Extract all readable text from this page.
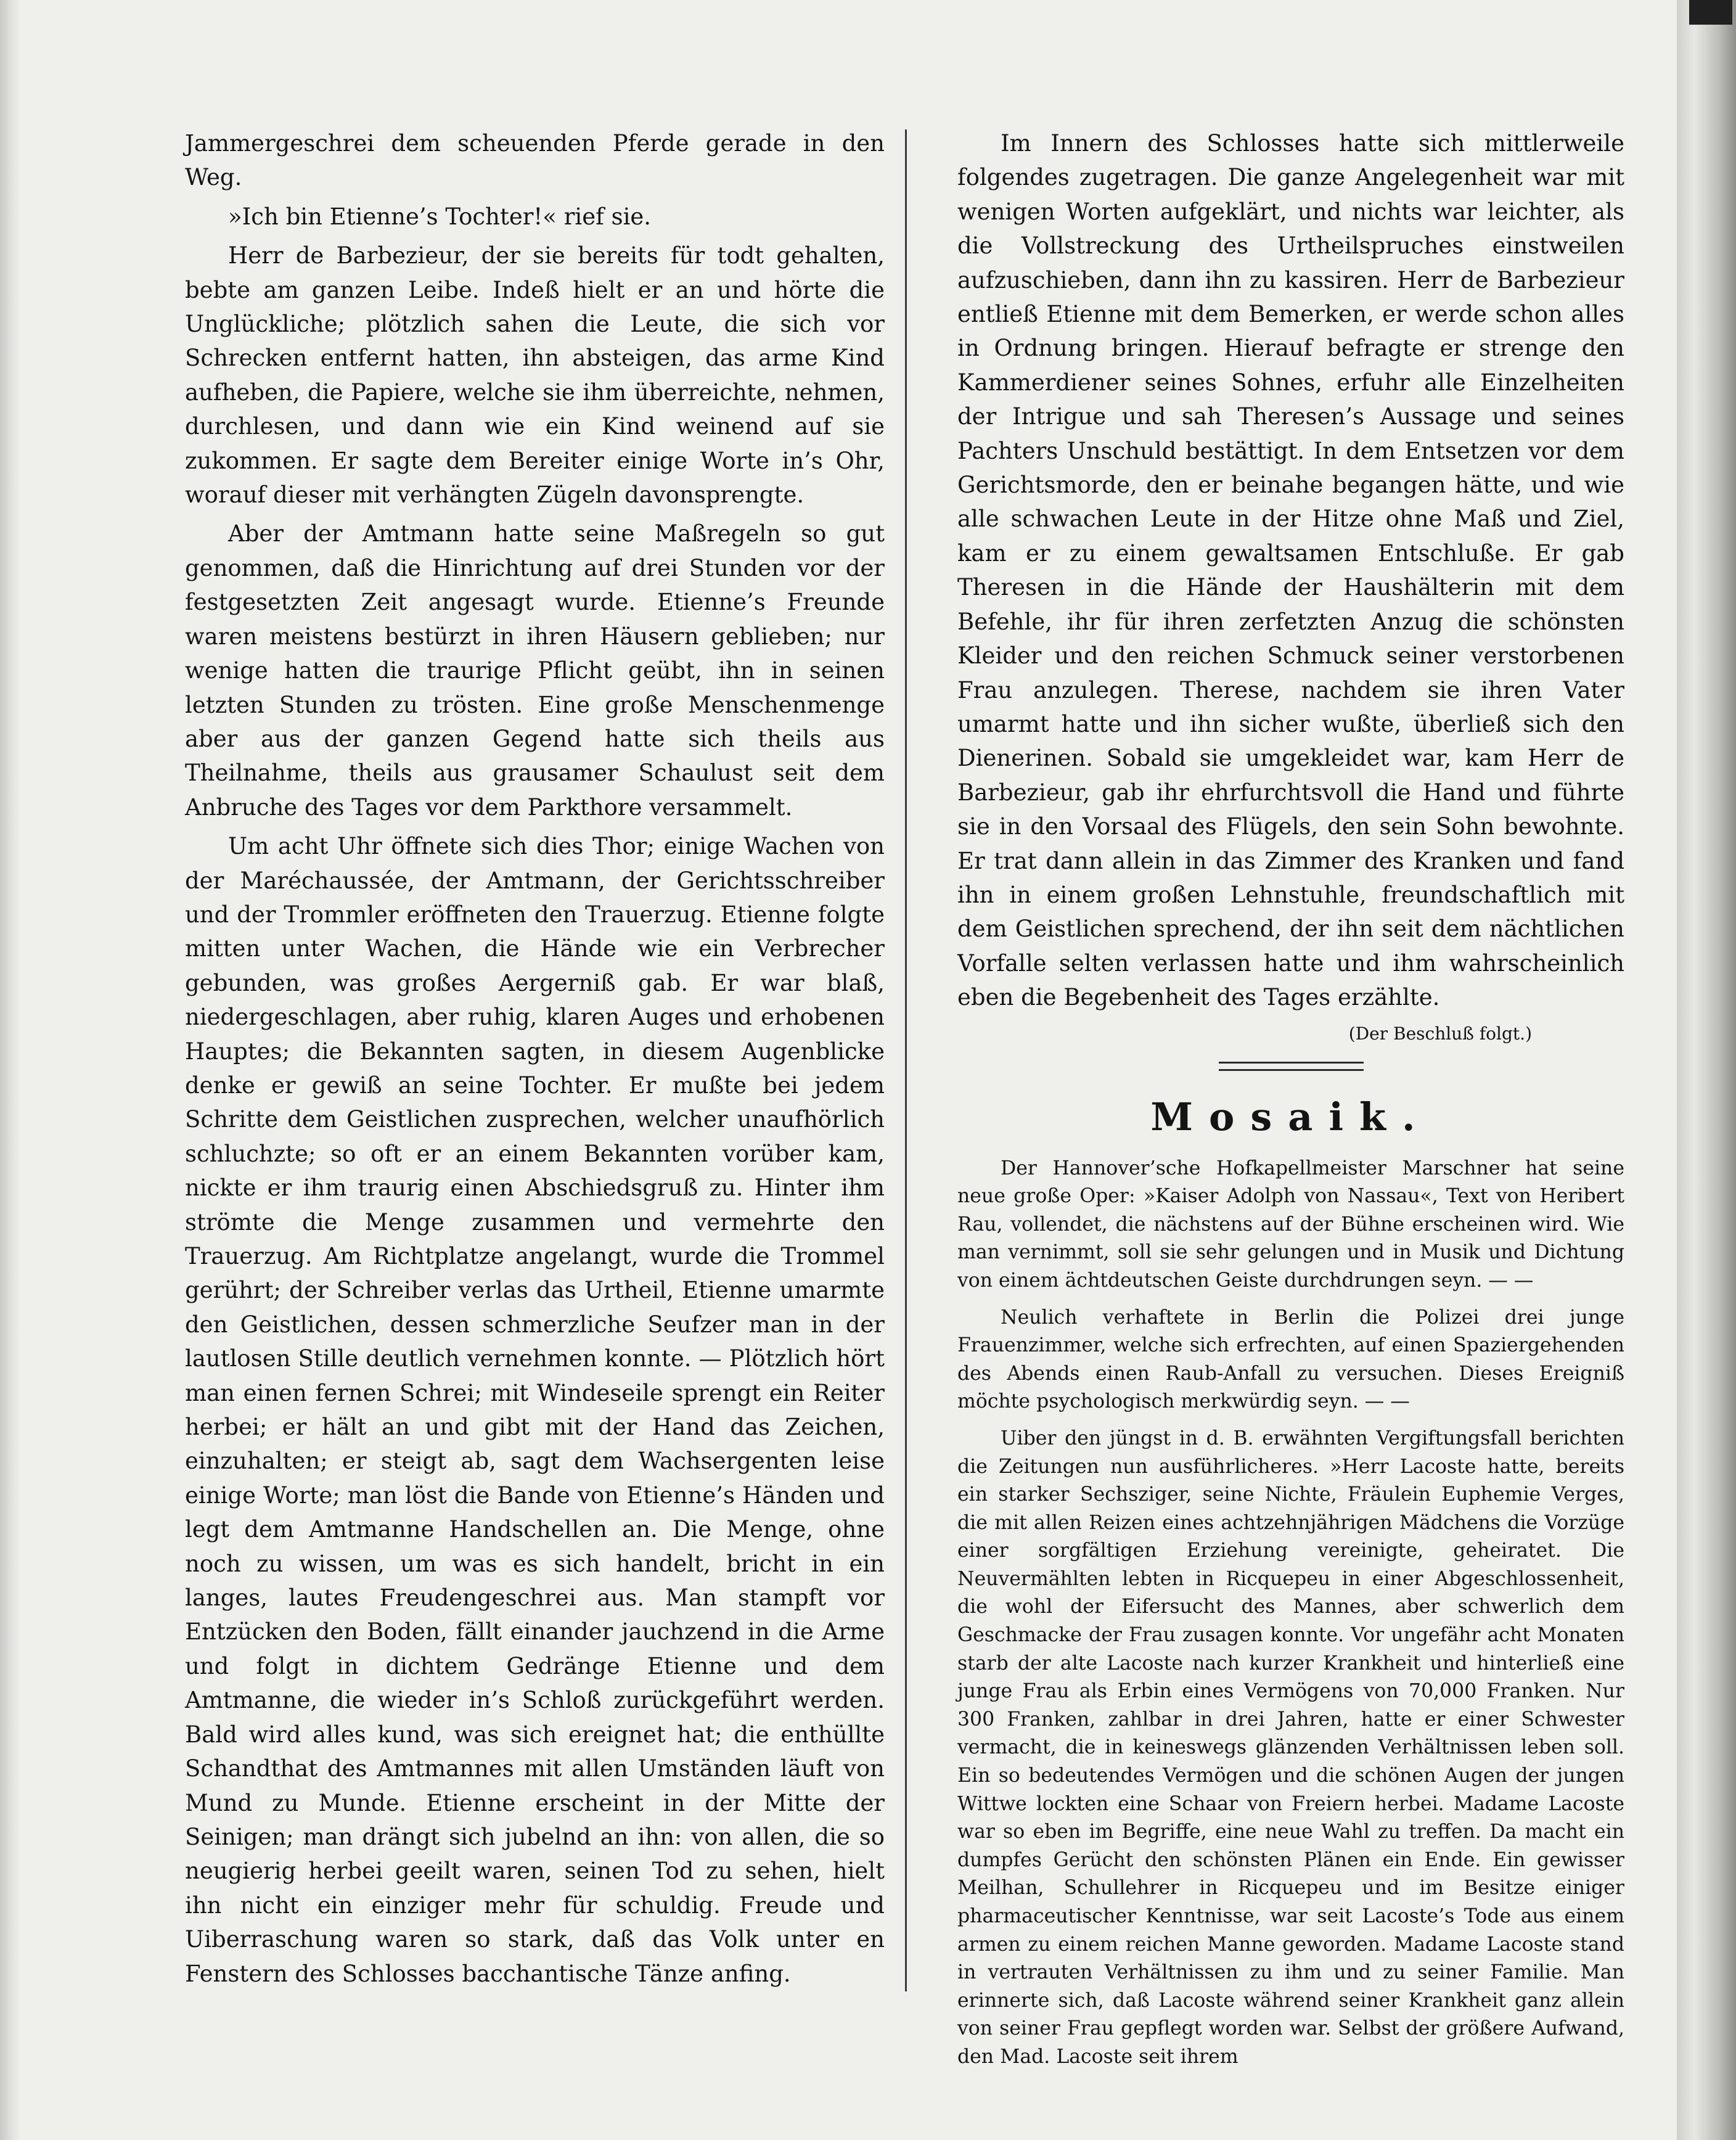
Jammergeschrei dem scheuenden Pferde gerade in den Weg.

»Ich bin Etienne’s Tochter!« rief sie.

Herr de Barbezieur, der sie bereits für todt gehalten, bebte am ganzen Leibe. Indeß hielt er an und hörte die Unglückliche; plötzlich sahen die Leute, die sich vor Schrecken entfernt hatten, ihn absteigen, das arme Kind aufheben, die Papiere, welche sie ihm überreichte, nehmen, durchlesen, und dann wie ein Kind weinend auf sie zukommen. Er sagte dem Bereiter einige Worte in’s Ohr, worauf dieser mit verhängten Zügeln davonsprengte.

Aber der Amtmann hatte seine Maßregeln so gut genommen, daß die Hinrichtung auf drei Stunden vor der festgesetzten Zeit angesagt wurde. Etienne’s Freunde waren meistens bestürzt in ihren Häusern geblieben; nur wenige hatten die traurige Pflicht geübt, ihn in seinen letzten Stunden zu trösten. Eine große Menschenmenge aber aus der ganzen Gegend hatte sich theils aus Theilnahme, theils aus grausamer Schaulust seit dem Anbruche des Tages vor dem Parkthore versammelt.

Um acht Uhr öffnete sich dies Thor; einige Wachen von der Maréchaussée, der Amtmann, der Gerichtsschreiber und der Trommler eröffneten den Trauerzug. Etienne folgte mitten unter Wachen, die Hände wie ein Verbrecher gebunden, was großes Aergerniß gab. Er war blaß, niedergeschlagen, aber ruhig, klaren Auges und erhobenen Hauptes; die Bekannten sagten, in diesem Augenblicke denke er gewiß an seine Tochter. Er mußte bei jedem Schritte dem Geistlichen zusprechen, welcher unaufhörlich schluchzte; so oft er an einem Bekannten vorüber kam, nickte er ihm traurig einen Abschiedsgruß zu. Hinter ihm strömte die Menge zusammen und vermehrte den Trauerzug. Am Richtplatze angelangt, wurde die Trommel gerührt; der Schreiber verlas das Urtheil, Etienne umarmte den Geistlichen, dessen schmerzliche Seufzer man in der lautlosen Stille deutlich vernehmen konnte. — Plötzlich hört man einen fernen Schrei; mit Windeseile sprengt ein Reiter herbei; er hält an und gibt mit der Hand das Zeichen, einzuhalten; er steigt ab, sagt dem Wachsergenten leise einige Worte; man löst die Bande von Etienne’s Händen und legt dem Amtmanne Handschellen an. Die Menge, ohne noch zu wissen, um was es sich handelt, bricht in ein langes, lautes Freudengeschrei aus. Man stampft vor Entzücken den Boden, fällt einander jauchzend in die Arme und folgt in dichtem Gedränge Etienne und dem Amtmanne, die wieder in’s Schloß zurückgeführt werden. Bald wird alles kund, was sich ereignet hat; die enthüllte Schandthat des Amtmannes mit allen Umständen läuft von Mund zu Munde. Etienne erscheint in der Mitte der Seinigen; man drängt sich jubelnd an ihn: von allen, die so neugierig herbei geeilt waren, seinen Tod zu sehen, hielt ihn nicht ein einziger mehr für schuldig. Freude und Uiberraschung waren so stark, daß das Volk unter en Fenstern des Schlosses bacchantische Tänze anfing.

Im Innern des Schlosses hatte sich mittlerweile folgendes zugetragen. Die ganze Angelegenheit war mit wenigen Worten aufgeklärt, und nichts war leichter, als die Vollstreckung des Urtheilspruches einstweilen aufzuschieben, dann ihn zu kassiren. Herr de Barbezieur entließ Etienne mit dem Bemerken, er werde schon alles in Ordnung bringen. Hierauf befragte er strenge den Kammerdiener seines Sohnes, erfuhr alle Einzelheiten der Intrigue und sah Theresen’s Aussage und seines Pachters Unschuld bestättigt. In dem Entsetzen vor dem Gerichtsmorde, den er beinahe begangen hätte, und wie alle schwachen Leute in der Hitze ohne Maß und Ziel, kam er zu einem gewaltsamen Entschluße. Er gab Theresen in die Hände der Haushälterin mit dem Befehle, ihr für ihren zerfetzten Anzug die schönsten Kleider und den reichen Schmuck seiner verstorbenen Frau anzulegen. Therese, nachdem sie ihren Vater umarmt hatte und ihn sicher wußte, überließ sich den Dienerinen. Sobald sie umgekleidet war, kam Herr de Barbezieur, gab ihr ehrfurchtsvoll die Hand und führte sie in den Vorsaal des Flügels, den sein Sohn bewohnte. Er trat dann allein in das Zimmer des Kranken und fand ihn in einem großen Lehnstuhle, freundschaftlich mit dem Geistlichen sprechend, der ihn seit dem nächtlichen Vorfalle selten verlassen hatte und ihm wahrscheinlich eben die Begebenheit des Tages erzählte.

(Der Beschluß folgt.)

Mosaik.

Der Hannover’sche Hofkapellmeister Marschner hat seine neue große Oper: »Kaiser Adolph von Nassau«, Text von Heribert Rau, vollendet, die nächstens auf der Bühne erscheinen wird. Wie man vernimmt, soll sie sehr gelungen und in Musik und Dichtung von einem ächtdeutschen Geiste durchdrungen seyn. — —

Neulich verhaftete in Berlin die Polizei drei junge Frauenzimmer, welche sich erfrechten, auf einen Spaziergehenden des Abends einen Raub-Anfall zu versuchen. Dieses Ereigniß möchte psychologisch merkwürdig seyn. — —

Uiber den jüngst in d. B. erwähnten Vergiftungsfall berichten die Zeitungen nun ausführlicheres. »Herr Lacoste hatte, bereits ein starker Sechsziger, seine Nichte, Fräulein Euphemie Verges, die mit allen Reizen eines achtzehnjährigen Mädchens die Vorzüge einer sorgfältigen Erziehung vereinigte, geheiratet. Die Neuvermählten lebten in Ricquepeu in einer Abgeschlossenheit, die wohl der Eifersucht des Mannes, aber schwerlich dem Geschmacke der Frau zusagen konnte. Vor ungefähr acht Monaten starb der alte Lacoste nach kurzer Krankheit und hinterließ eine junge Frau als Erbin eines Vermögens von 70,000 Franken. Nur 300 Franken, zahlbar in drei Jahren, hatte er einer Schwester vermacht, die in keineswegs glänzenden Verhältnissen leben soll. Ein so bedeutendes Vermögen und die schönen Augen der jungen Wittwe lockten eine Schaar von Freiern herbei. Madame Lacoste war so eben im Begriffe, eine neue Wahl zu treffen. Da macht ein dumpfes Gerücht den schönsten Plänen ein Ende. Ein gewisser Meilhan, Schullehrer in Ricquepeu und im Besitze einiger pharmaceutischer Kenntnisse, war seit Lacoste’s Tode aus einem armen zu einem reichen Manne geworden. Madame Lacoste stand in vertrauten Verhältnissen zu ihm und zu seiner Familie. Man erinnerte sich, daß Lacoste während seiner Krankheit ganz allein von seiner Frau gepflegt worden war. Selbst der größere Aufwand, den Mad. Lacoste seit ihrem
